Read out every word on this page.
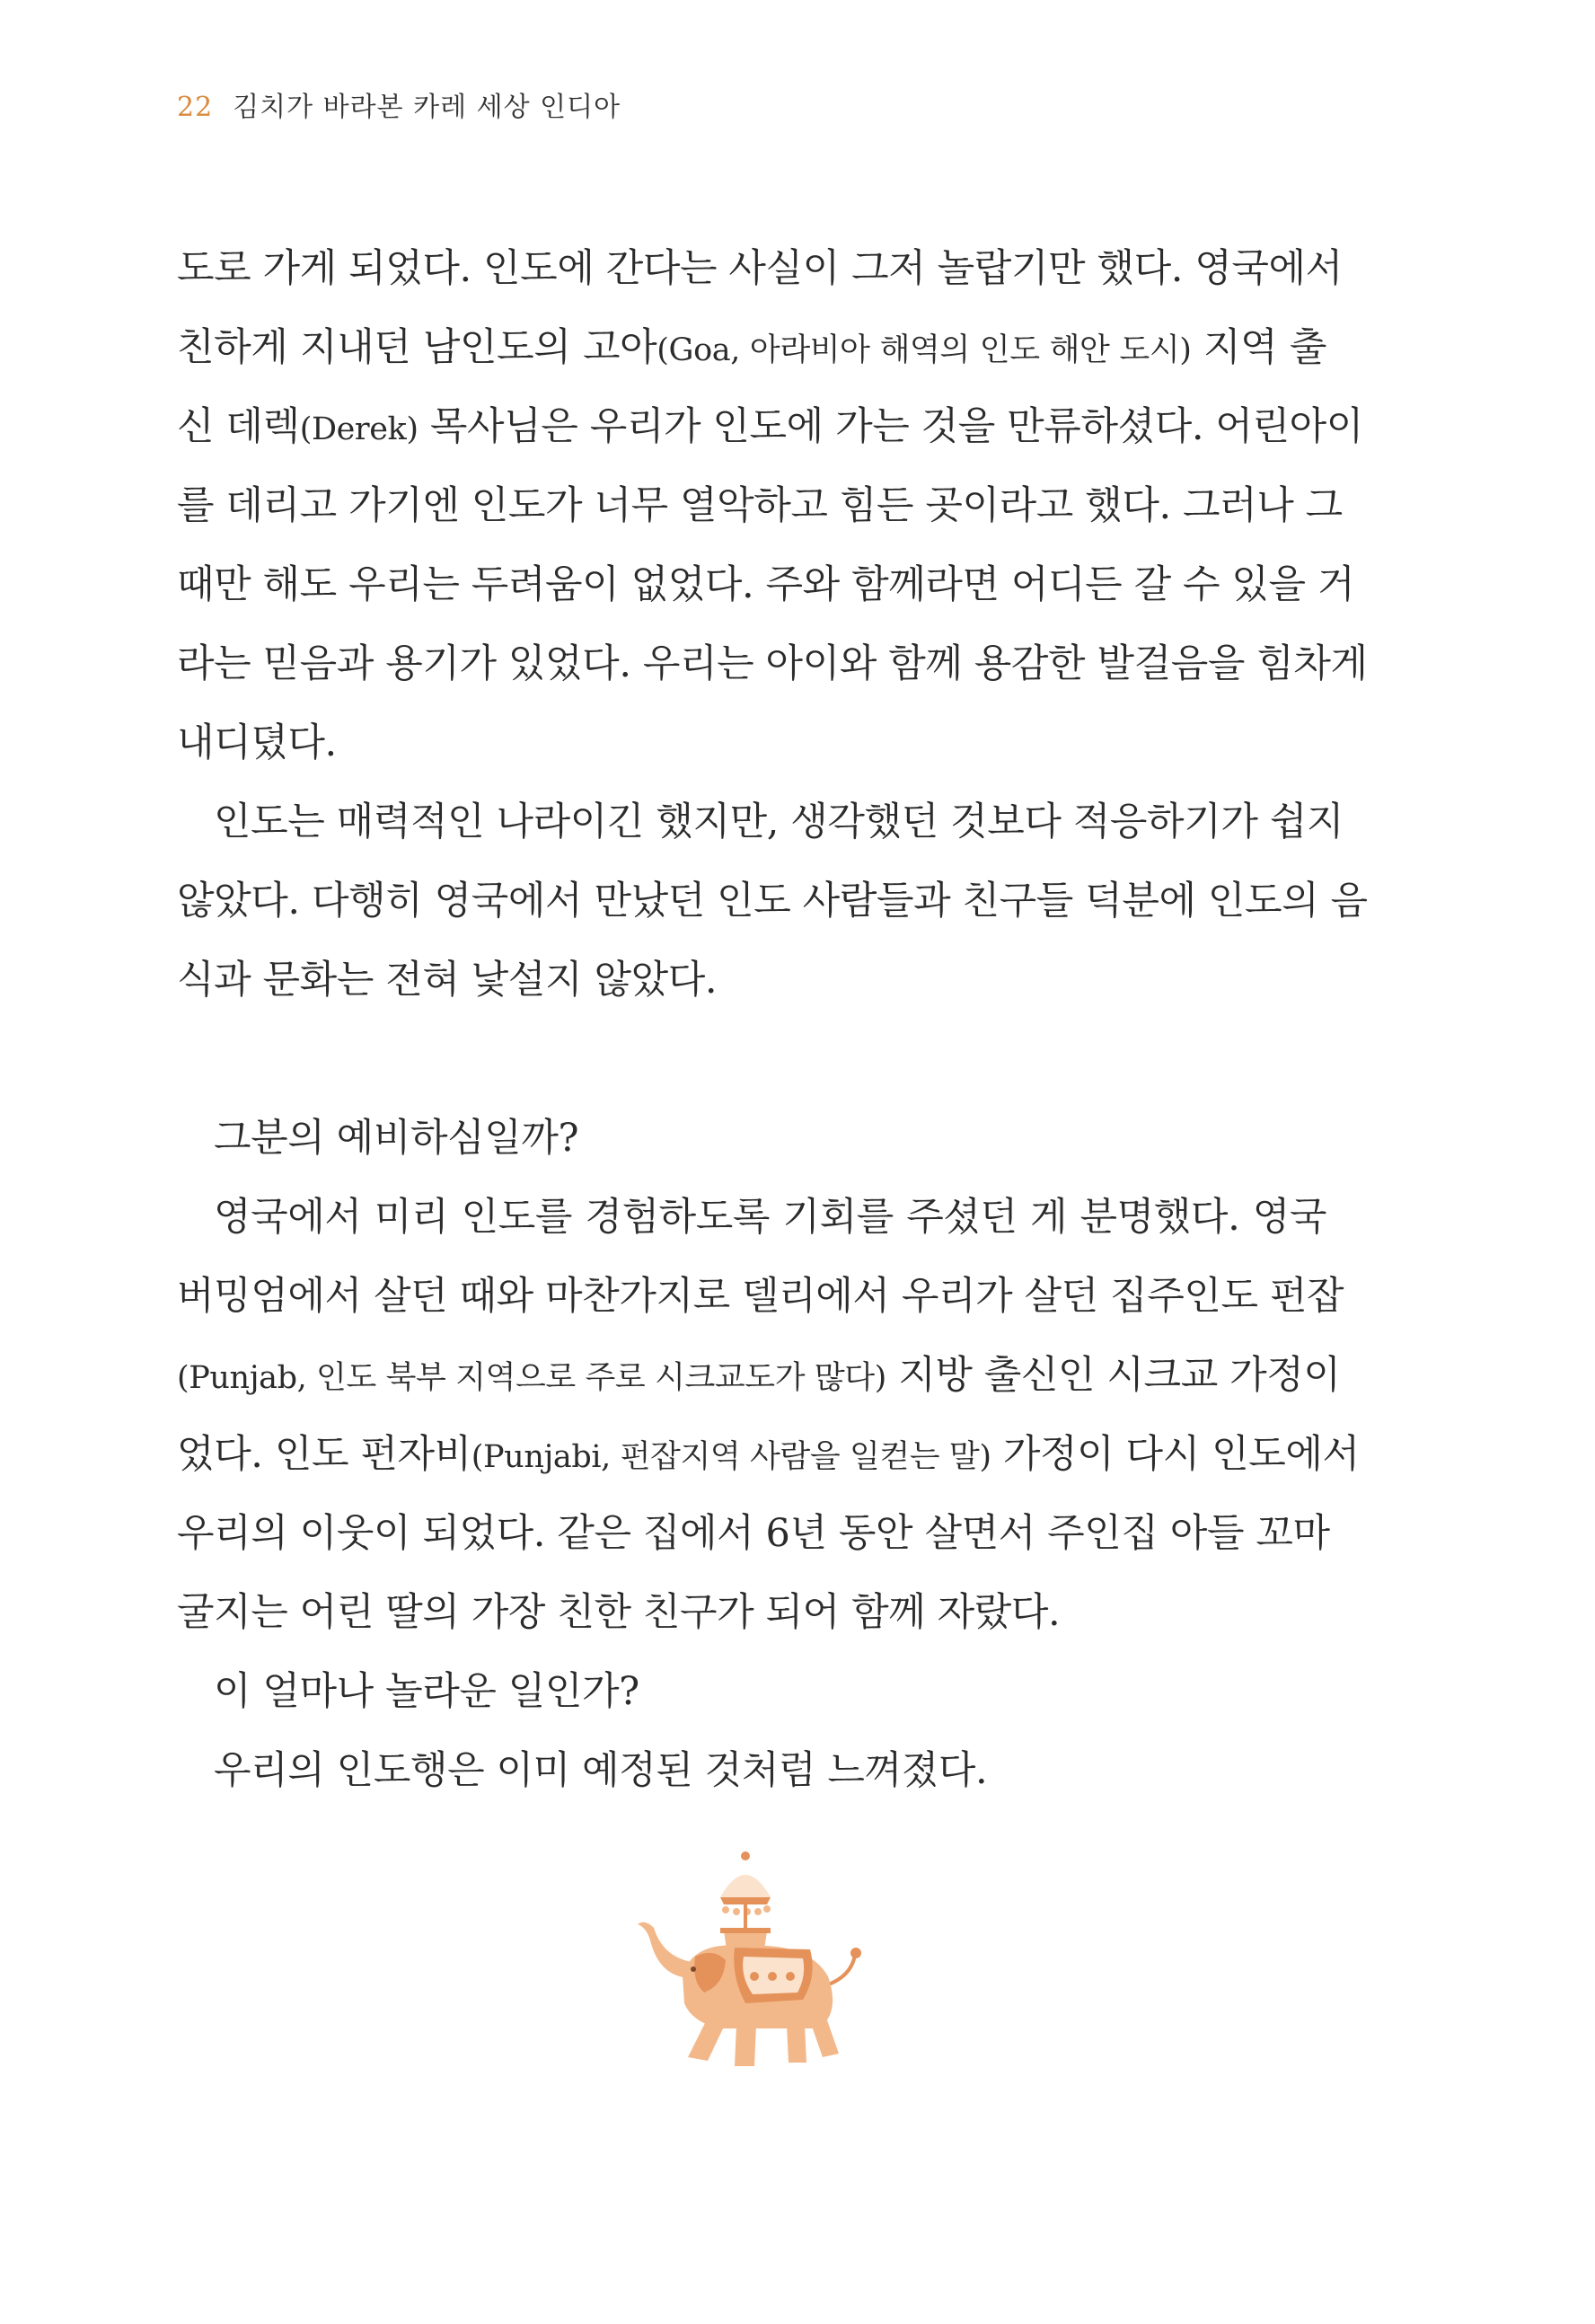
22 김치가 바라본 카레 세상 인디아
도로 가게 되었다. 인도에 간다는 사실이 그저 놀랍기만 했다. 영국에서
친하게 지내던 남인도의 고아(Goa, 아라비아 해역의 인도 해안 도시) 지역 출
신 데렉(Derek) 목사님은 우리가 인도에 가는 것을 만류하셨다. 어린아이
를 데리고 가기엔 인도가 너무 열악하고 힘든 곳이라고 했다. 그러나 그
때만 해도 우리는 두려움이 없었다. 주와 함께라면 어디든 갈 수 있을 거
라는 믿음과 용기가 있었다. 우리는 아이와 함께 용감한 발걸음을 힘차게
내디뎠다.
인도는 매력적인 나라이긴 했지만, 생각했던 것보다 적응하기가 쉽지
않았다. 다행히 영국에서 만났던 인도 사람들과 친구들 덕분에 인도의 음
식과 문화는 전혀 낯설지 않았다.
그분의 예비하심일까?
영국에서 미리 인도를 경험하도록 기회를 주셨던 게 분명했다. 영국
버밍엄에서 살던 때와 마찬가지로 델리에서 우리가 살던 집주인도 펀잡
(Punjab, 인도 북부 지역으로 주로 시크교도가 많다) 지방 출신인 시크교 가정이
었다. 인도 펀자비(Punjabi, 펀잡지역 사람을 일컫는 말) 가정이 다시 인도에서
우리의 이웃이 되었다. 같은 집에서 6년 동안 살면서 주인집 아들 꼬마
굴지는 어린 딸의 가장 친한 친구가 되어 함께 자랐다.
이 얼마나 놀라운 일인가?
우리의 인도행은 이미 예정된 것처럼 느껴졌다.
